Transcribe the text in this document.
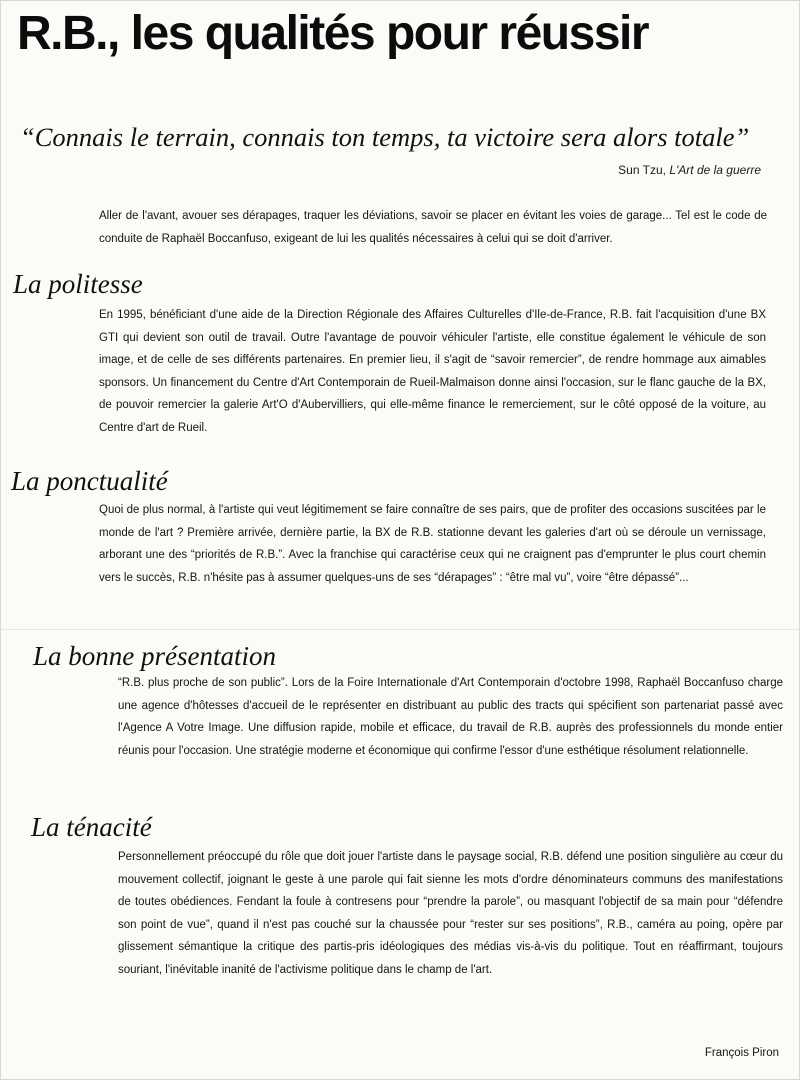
R.B., les qualités pour réussir
“Connais le terrain, connais ton temps, ta victoire sera alors totale”
Sun Tzu, L'Art de la guerre

Aller de l'avant, avouer ses dérapages, traquer les déviations, savoir se placer en évitant les voies de garage... Tel est le code de conduite de Raphaël Boccanfuso, exigeant de lui les qualités nécessaires à celui qui se doit d'arriver.

La politesse

En 1995, bénéficiant d'une aide de la Direction Régionale des Affaires Culturelles d'Ile-de-France, R.B. fait l'acquisition d'une BX GTI qui devient son outil de travail. Outre l'avantage de pouvoir véhiculer l'artiste, elle constitue également le véhicule de son image, et de celle de ses différents partenaires. En premier lieu, il s'agit de “savoir remercier”, de rendre hommage aux aimables sponsors. Un financement du Centre d'Art Contemporain de Rueil-Malmaison donne ainsi l'occasion, sur le flanc gauche de la BX, de pouvoir remercier la galerie Art'O d'Aubervilliers, qui elle-même finance le remerciement, sur le côté opposé de la voiture, au Centre d'art de Rueil.

La ponctualité

Quoi de plus normal, à l'artiste qui veut légitimement se faire connaître de ses pairs, que de profiter des occasions suscitées par le monde de l'art ? Première arrivée, dernière partie, la BX de R.B. stationne devant les galeries d'art où se déroule un vernissage, arborant une des “priorités de R.B.”. Avec la franchise qui caractérise ceux qui ne craignent pas d'emprunter le plus court chemin vers le succès, R.B. n'hésite pas à assumer quelques-uns de ses “dérapages” : “être mal vu”, voire “être dépassé”...

La bonne présentation

“R.B. plus proche de son public”. Lors de la Foire Internationale d'Art Contemporain d'octobre 1998, Raphaël Boccanfuso charge une agence d'hôtesses d'accueil de le représenter en distribuant au public des tracts qui spécifient son partenariat passé avec l'Agence A Votre Image. Une diffusion rapide, mobile et efficace, du travail de R.B. auprès des professionnels du monde entier réunis pour l'occasion. Une stratégie moderne et économique qui confirme l'essor d'une esthétique résolument relationnelle.

La ténacité

Personnellement préoccupé du rôle que doit jouer l'artiste dans le paysage social, R.B. défend une position singulière au cœur du mouvement collectif, joignant le geste à une parole qui fait sienne les mots d'ordre dénominateurs communs des manifestations de toutes obédiences. Fendant la foule à contresens pour “prendre la parole”, ou masquant l'objectif de sa main pour “défendre son point de vue”, quand il n'est pas couché sur la chaussée pour “rester sur ses positions”, R.B., caméra au poing, opère par glissement sémantique la critique des partis-pris idéologiques des médias vis-à-vis du politique. Tout en réaffirmant, toujours souriant, l'inévitable inanité de l'activisme politique dans le champ de l'art.

François Piron
